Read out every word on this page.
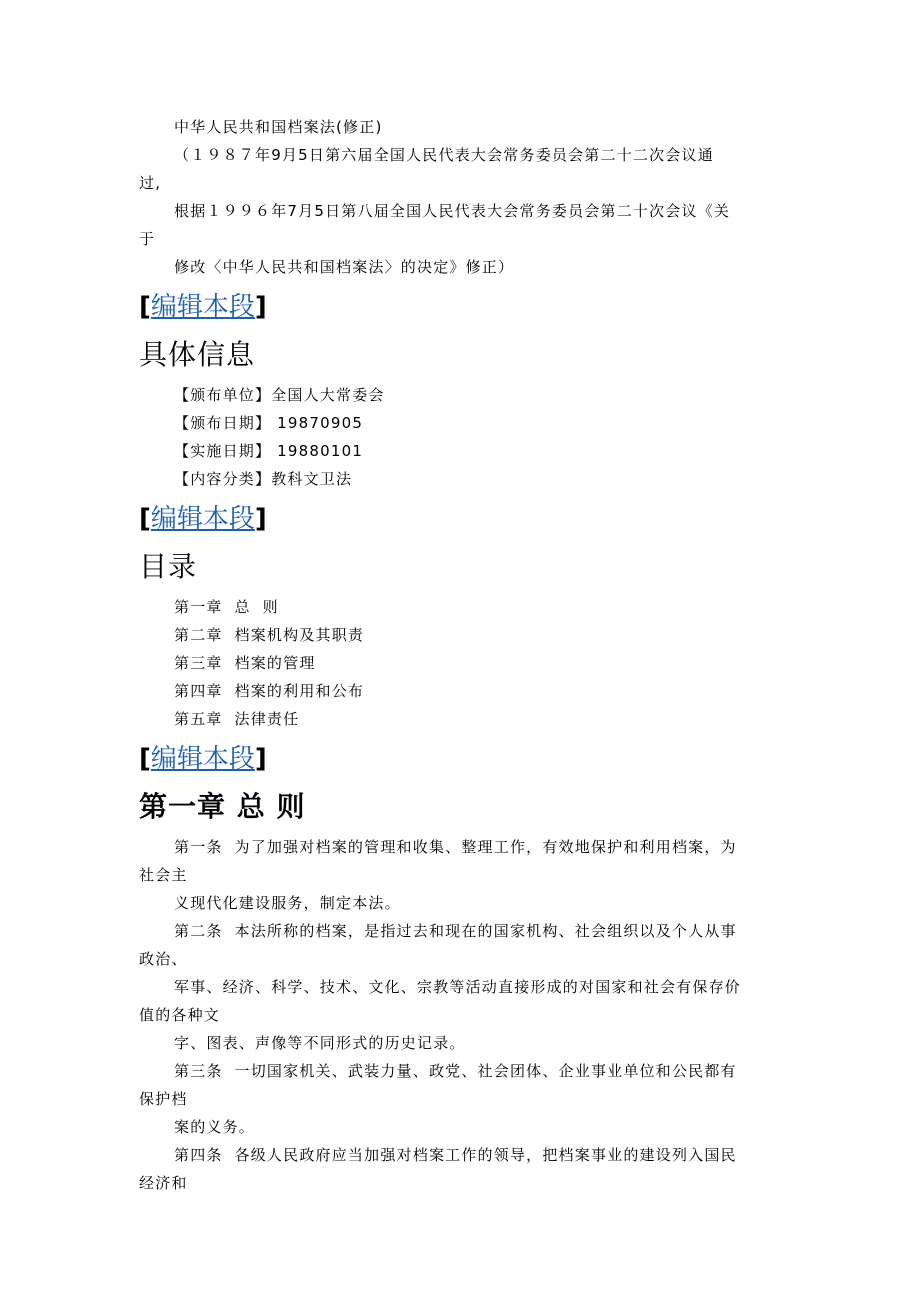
中华人民共和国档案法(修正)

（１９８７年9月5日第六届全国人民代表大会常务委员会第二十二次会议通

过,

根据１９９６年7月5日第八届全国人民代表大会常务委员会第二十次会议《关

于

修改〈中华人民共和国档案法〉的决定》修正）

[编辑本段]
具体信息

【颁布单位】全国人大常委会

【颁布日期】 19870905

【实施日期】 19880101

【内容分类】教科文卫法

[编辑本段]
目录

第一章  总  则

第二章  档案机构及其职责

第三章  档案的管理

第四章  档案的利用和公布

第五章  法律责任

[编辑本段]
第一章 总 则

第一条  为了加强对档案的管理和收集、整理工作，有效地保护和利用档案，为

社会主

义现代化建设服务，制定本法。

第二条  本法所称的档案，是指过去和现在的国家机构、社会组织以及个人从事

政治、

军事、经济、科学、技术、文化、宗教等活动直接形成的对国家和社会有保存价

值的各种文

字、图表、声像等不同形式的历史记录。

第三条  一切国家机关、武装力量、政党、社会团体、企业事业单位和公民都有

保护档

案的义务。

第四条  各级人民政府应当加强对档案工作的领导，把档案事业的建设列入国民

经济和
